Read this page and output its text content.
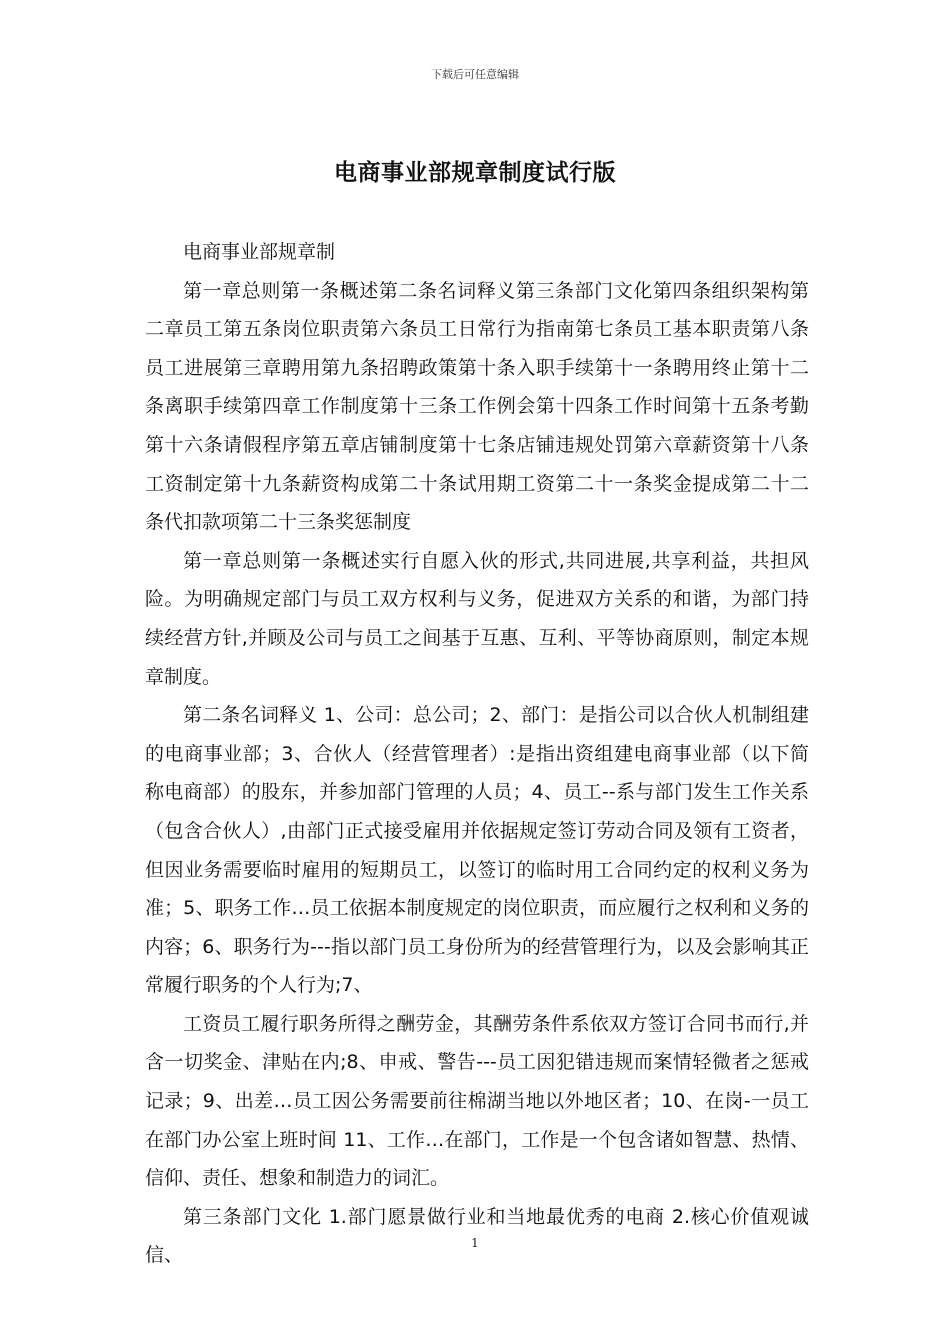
下载后可任意编辑
电商事业部规章制度试行版

电商事业部规章制

第一章总则第一条概述第二条名词释义第三条部门文化第四条组织架构第二章员工第五条岗位职责第六条员工日常行为指南第七条员工基本职责第八条员工进展第三章聘用第九条招聘政策第十条入职手续第十一条聘用终止第十二条离职手续第四章工作制度第十三条工作例会第十四条工作时间第十五条考勤第十六条请假程序第五章店铺制度第十七条店铺违规处罚第六章薪资第十八条工资制定第十九条薪资构成第二十条试用期工资第二十一条奖金提成第二十二条代扣款项第二十三条奖惩制度

第一章总则第一条概述实行自愿入伙的形式,共同进展,共享利益，共担风险。为明确规定部门与员工双方权利与义务，促进双方关系的和谐，为部门持续经营方针,并顾及公司与员工之间基于互惠、互利、平等协商原则，制定本规章制度。

第二条名词释义 1、公司：总公司；2、部门：是指公司以合伙人机制组建的电商事业部；3、合伙人（经营管理者）:是指出资组建电商事业部（以下简称电商部）的股东，并参加部门管理的人员；4、员工--系与部门发生工作关系（包含合伙人）,由部门正式接受雇用并依据规定签订劳动合同及领有工资者，但因业务需要临时雇用的短期员工，以签订的临时用工合同约定的权利义务为准；5、职务工作…员工依据本制度规定的岗位职责，而应履行之权利和义务的内容；6、职务行为---指以部门员工身份所为的经营管理行为，以及会影响其正常履行职务的个人行为;7、

工资员工履行职务所得之酬劳金，其酬劳条件系依双方签订合同书而行,并含一切奖金、津贴在内;8、申戒、警告---员工因犯错违规而案情轻微者之惩戒记录；9、出差…员工因公务需要前往棉湖当地以外地区者；10、在岗-一员工在部门办公室上班时间 11、工作…在部门，工作是一个包含诸如智慧、热情、信仰、责任、想象和制造力的词汇。

第三条部门文化 1.部门愿景做行业和当地最优秀的电商 2.核心价值观诚信、

1
